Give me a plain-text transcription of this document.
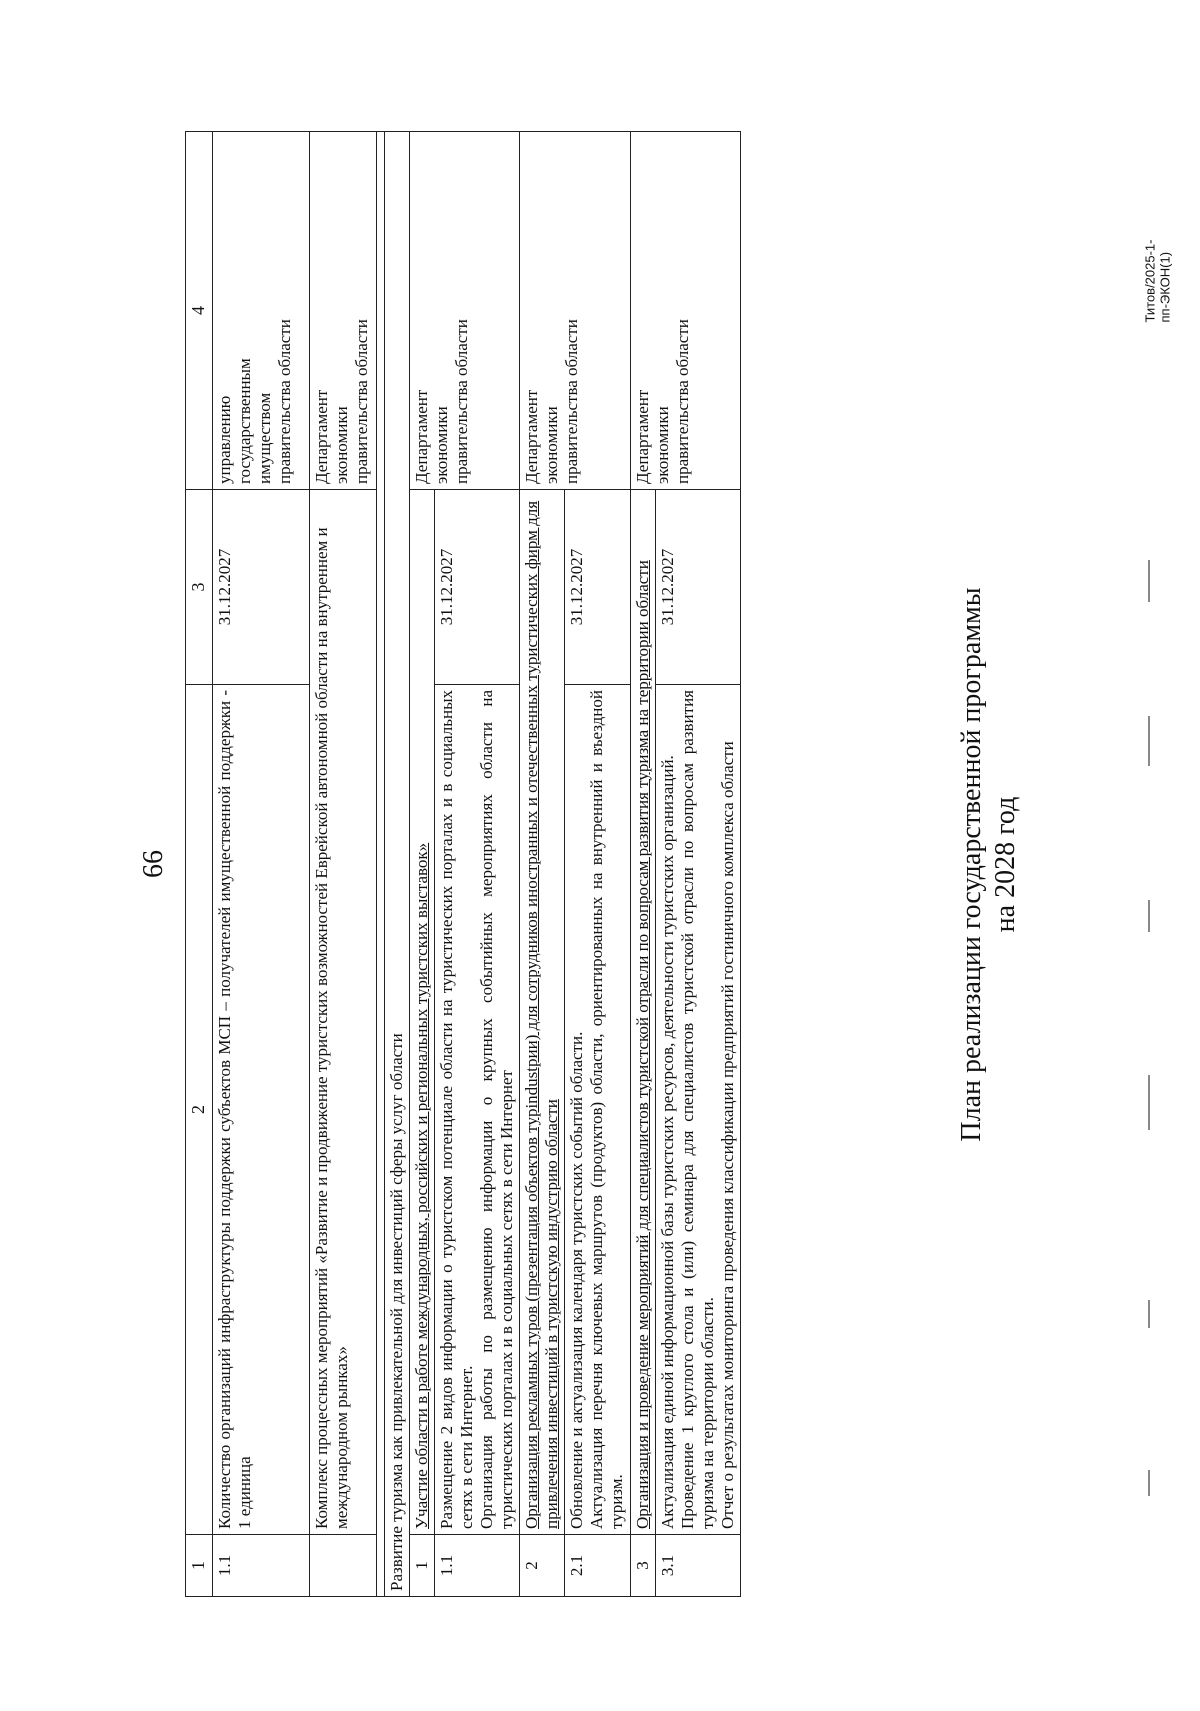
66
1	2	3	4
1.1	Количество организаций инфраструктуры поддержки субъектов МСП – получателей имущественной поддержки - 1 единица	31.12.2027	управлению государственным имуществом правительства области

	Комплекс процессных мероприятий «Развитие и продвижение туристских возможностей Еврейской автономной области на внутреннем и международном рынках»		Департамент экономики правительства области

Развитие туризма как привлекательной для инвестиций сферы услуг области			
1	Участие области в работе международных, российских и региональных туристских выставок»		Департамент экономики правительства области

1.1	Размещение 2 видов информации о туристском потенциале области на туристических порталах и в социальных сетях в сети Интернет. Организация работы по размещению информации о крупных событийных мероприятиях области на туристических порталах и в социальных сетях в сети Интернет	31.12.2027	
2	Организация рекламных туров (презентация объектов турindustрии) для сотрудников иностранных и отечественных туристических фирм для привлечения инвестиций в туристскую индустрию области		Департамент экономики правительства области

2.1	Обновление и актуализация календаря туристских событий области. Актуализация перечня ключевых маршрутов (продуктов) области, ориентированных на внутренний и въездной туризм.	31.12.2027	
3	Организация и проведение мероприятий для специалистов туристской отрасли по вопросам развития туризма на территории области		Департамент экономики правительства области

3.1	Актуализация единой информационной базы туристских ресурсов, деятельности туристских организаций. Проведение 1 круглого стола и (или) семинара для специалистов туристской отрасли по вопросам развития туризма на территории области. Отчет о результатах мониторинга проведения классификации предприятий гостиничного комплекса области	31.12.2027	
План реализации государственной программы на 2028 год
Титов/2025-1-пп-ЭКОН(1)
